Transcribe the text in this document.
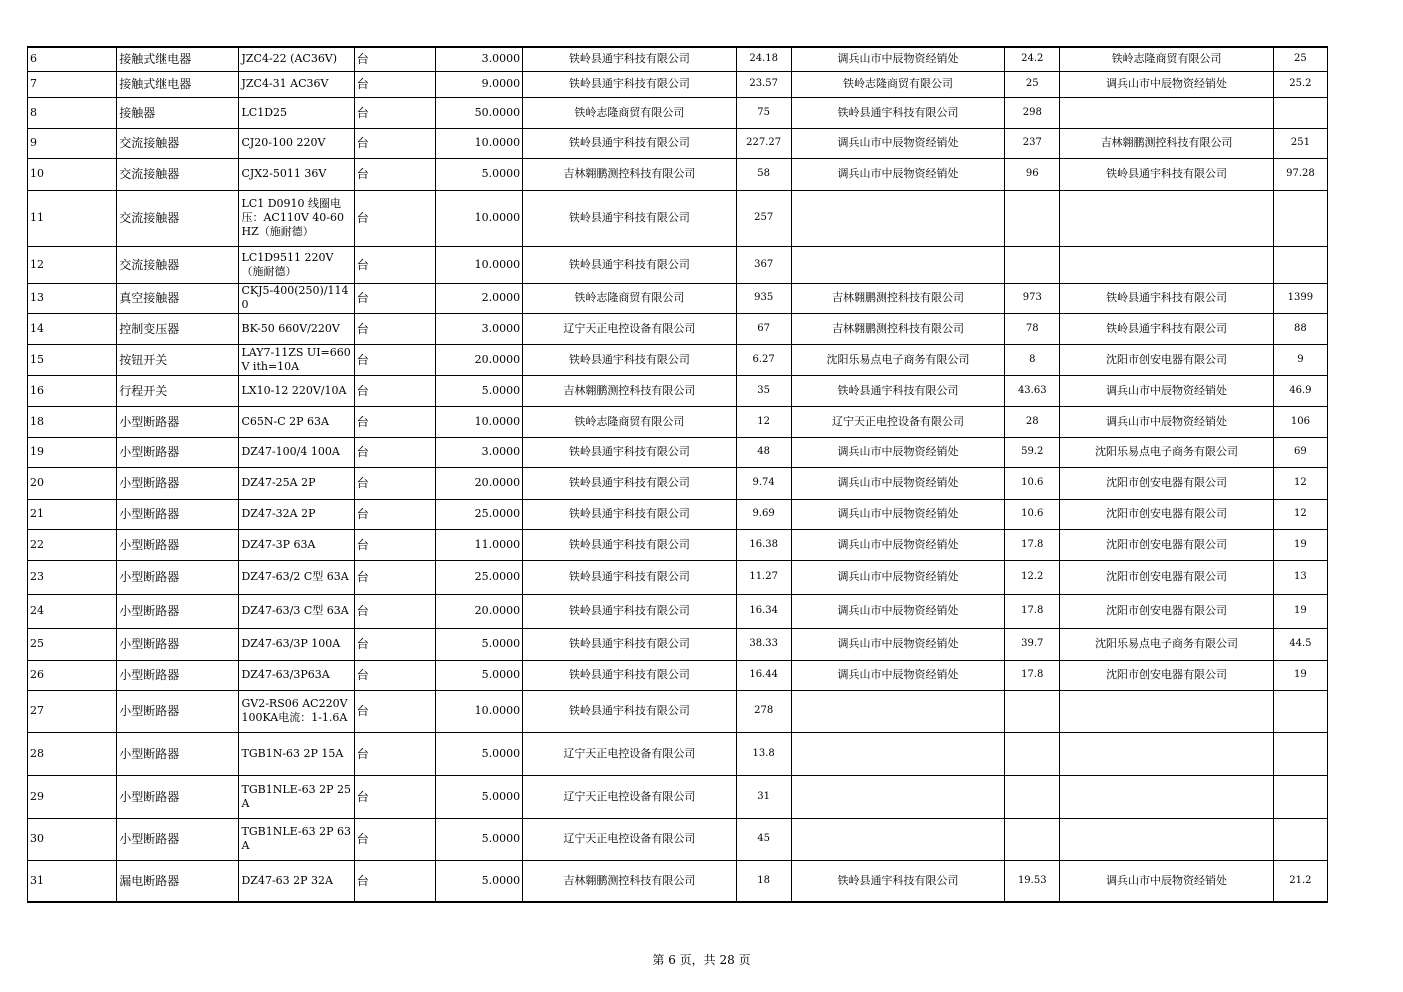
6	接触式继电器	JZC4-22 (AC36V)	台	3.0000	铁岭县通宇科技有限公司	24.18	调兵山市中辰物资经销处	24.2	铁岭志隆商贸有限公司	25
7	接触式继电器	JZC4-31 AC36V	台	9.0000	铁岭县通宇科技有限公司	23.57	铁岭志隆商贸有限公司	25	调兵山市中辰物资经销处	25.2
8	接触器	LC1D25	台	50.0000	铁岭志隆商贸有限公司	75	铁岭县通宇科技有限公司	298		
9	交流接触器	CJ20-100 220V	台	10.0000	铁岭县通宇科技有限公司	227.27	调兵山市中辰物资经销处	237	吉林翱鹏测控科技有限公司	251
10	交流接触器	CJX2-5011 36V	台	5.0000	吉林翱鹏测控科技有限公司	58	调兵山市中辰物资经销处	96	铁岭县通宇科技有限公司	97.28
11	交流接触器	LC1 D0910 线圈电压：AC110V 40-60HZ（施耐德）	台	10.0000	铁岭县通宇科技有限公司	257				
12	交流接触器	LC1D9511 220V（施耐德）	台	10.0000	铁岭县通宇科技有限公司	367				
13	真空接触器	CKJ5-400(250)/1140	台	2.0000	铁岭志隆商贸有限公司	935	吉林翱鹏测控科技有限公司	973	铁岭县通宇科技有限公司	1399
14	控制变压器	BK-50 660V/220V	台	3.0000	辽宁天正电控设备有限公司	67	吉林翱鹏测控科技有限公司	78	铁岭县通宇科技有限公司	88
15	按钮开关	LAY7-11ZS UI=660V ith=10A	台	20.0000	铁岭县通宇科技有限公司	6.27	沈阳乐易点电子商务有限公司	8	沈阳市创安电器有限公司	9
16	行程开关	LX10-12 220V/10A	台	5.0000	吉林翱鹏测控科技有限公司	35	铁岭县通宇科技有限公司	43.63	调兵山市中辰物资经销处	46.9
18	小型断路器	C65N-C 2P 63A	台	10.0000	铁岭志隆商贸有限公司	12	辽宁天正电控设备有限公司	28	调兵山市中辰物资经销处	106
19	小型断路器	DZ47-100/4 100A	台	3.0000	铁岭县通宇科技有限公司	48	调兵山市中辰物资经销处	59.2	沈阳乐易点电子商务有限公司	69
20	小型断路器	DZ47-25A 2P	台	20.0000	铁岭县通宇科技有限公司	9.74	调兵山市中辰物资经销处	10.6	沈阳市创安电器有限公司	12
21	小型断路器	DZ47-32A 2P	台	25.0000	铁岭县通宇科技有限公司	9.69	调兵山市中辰物资经销处	10.6	沈阳市创安电器有限公司	12
22	小型断路器	DZ47-3P 63A	台	11.0000	铁岭县通宇科技有限公司	16.38	调兵山市中辰物资经销处	17.8	沈阳市创安电器有限公司	19
23	小型断路器	DZ47-63/2 C型 63A	台	25.0000	铁岭县通宇科技有限公司	11.27	调兵山市中辰物资经销处	12.2	沈阳市创安电器有限公司	13
24	小型断路器	DZ47-63/3 C型 63A	台	20.0000	铁岭县通宇科技有限公司	16.34	调兵山市中辰物资经销处	17.8	沈阳市创安电器有限公司	19
25	小型断路器	DZ47-63/3P 100A	台	5.0000	铁岭县通宇科技有限公司	38.33	调兵山市中辰物资经销处	39.7	沈阳乐易点电子商务有限公司	44.5
26	小型断路器	DZ47-63/3P63A	台	5.0000	铁岭县通宇科技有限公司	16.44	调兵山市中辰物资经销处	17.8	沈阳市创安电器有限公司	19
27	小型断路器	GV2-RS06 AC220V 100KA电流：1-1.6A	台	10.0000	铁岭县通宇科技有限公司	278				
28	小型断路器	TGB1N-63 2P 15A	台	5.0000	辽宁天正电控设备有限公司	13.8				
29	小型断路器	TGB1NLE-63 2P 25A	台	5.0000	辽宁天正电控设备有限公司	31				
30	小型断路器	TGB1NLE-63 2P 63A	台	5.0000	辽宁天正电控设备有限公司	45				
31	漏电断路器	DZ47-63 2P 32A	台	5.0000	吉林翱鹏测控科技有限公司	18	铁岭县通宇科技有限公司	19.53	调兵山市中辰物资经销处	21.2
第 6 页，共 28 页
